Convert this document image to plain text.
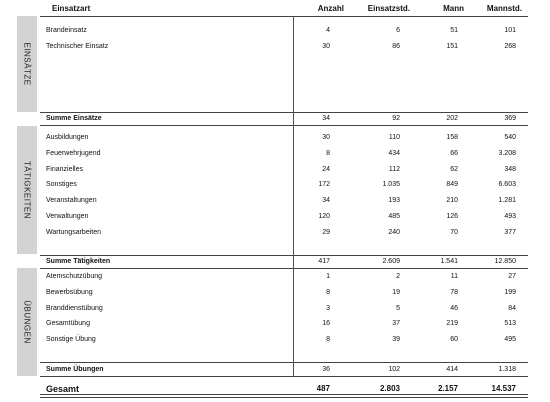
Einsatzart	Anzahl	Einsatzstd.	Mann	Mannstd.
EINSÄTZE
TÄTIGKEITEN
ÜBUNGEN
Brandeinsatz	4	6	51	101
Technischer Einsatz	30	86	151	268
Summe Einsätze	34	92	202	369
Ausbildungen	30	110	158	540
Feuerwehrjugend	8	434	66	3.208
Finanzielles	24	112	62	348
Sonstiges	172	1.035	849	6.603
Veranstaltungen	34	193	210	1.281
Verwaltungen	120	485	126	493
Wartungsarbeiten	29	240	70	377
Summe Tätigkeiten	417	2.609	1.541	12.850
Atemschutzübung	1	2	11	27
Bewerbsübung	8	19	78	199
Branddienstübung	3	5	46	84
Gesamtübung	16	37	219	513
Sonstige Übung	8	39	60	495
Summe Übungen	36	102	414	1.318
Gesamt	487	2.803	2.157	14.537
